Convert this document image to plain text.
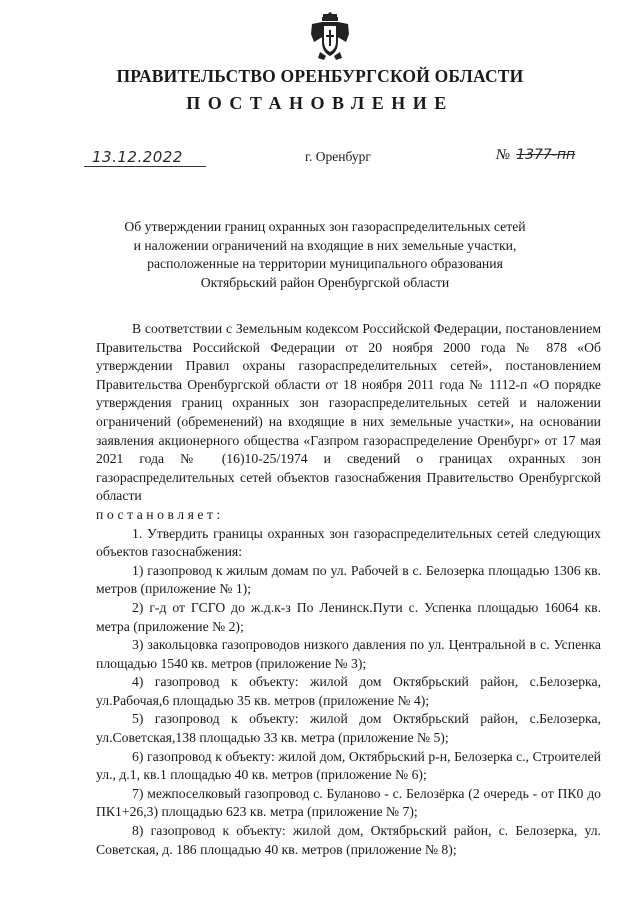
ПРАВИТЕЛЬСТВО ОРЕНБУРГСКОЙ ОБЛАСТИ
ПОСТАНОВЛЕНИЕ
13.12.2022	г. Оренбург	№ 1377-пп
Об утверждении границ охранных зон газораспределительных сетей
и наложении ограничений на входящие в них земельные участки,
расположенные на территории муниципального образования
Октябрьский район Оренбургской области

В соответствии с Земельным кодексом Российской Федерации, постановлением Правительства Российской Федерации от 20 ноября 2000 года № 878 «Об утверждении Правил охраны газораспределительных сетей», постановлением Правительства Оренбургской области от 18 ноября 2011 года № 1112-п «О порядке утверждения границ охранных зон газораспределительных сетей и наложении ограничений (обременений) на входящие в них земельные участки», на основании заявления акционерного общества «Газпром газораспределение Оренбург» от 17 мая 2021 года № (16)10-25/1974 и сведений о границах охранных зон газораспределительных сетей объектов газоснабжения Правительство Оренбургской области

постановляет:

1. Утвердить границы охранных зон газораспределительных сетей следующих объектов газоснабжения:

1) газопровод к жилым домам по ул. Рабочей в с. Белозерка площадью 1306 кв. метров (приложение № 1);

2) г-д от ГСГО до ж.д.к-з По Ленинск.Пути с. Успенка площадью 16064 кв. метра (приложение № 2);

3) закольцовка газопроводов низкого давления по ул. Центральной в с. Успенка площадью 1540 кв. метров (приложение № 3);

4) газопровод к объекту: жилой дом Октябрьский район, с.Белозерка, ул.Рабочая,6 площадью 35 кв. метров (приложение № 4);

5) газопровод к объекту: жилой дом Октябрьский район, с.Белозерка, ул.Советская,138 площадью 33 кв. метра (приложение № 5);

6) газопровод к объекту: жилой дом, Октябрьский р-н, Белозерка с., Строителей ул., д.1, кв.1 площадью 40 кв. метров (приложение № 6);

7) межпоселковый газопровод с. Буланово - с. Белозёрка (2 очередь - от ПК0 до ПК1+26,3) площадью 623 кв. метра (приложение № 7);

8) газопровод к объекту: жилой дом, Октябрьский район, с. Белозерка, ул. Советская, д. 186 площадью 40 кв. метров (приложение № 8);
